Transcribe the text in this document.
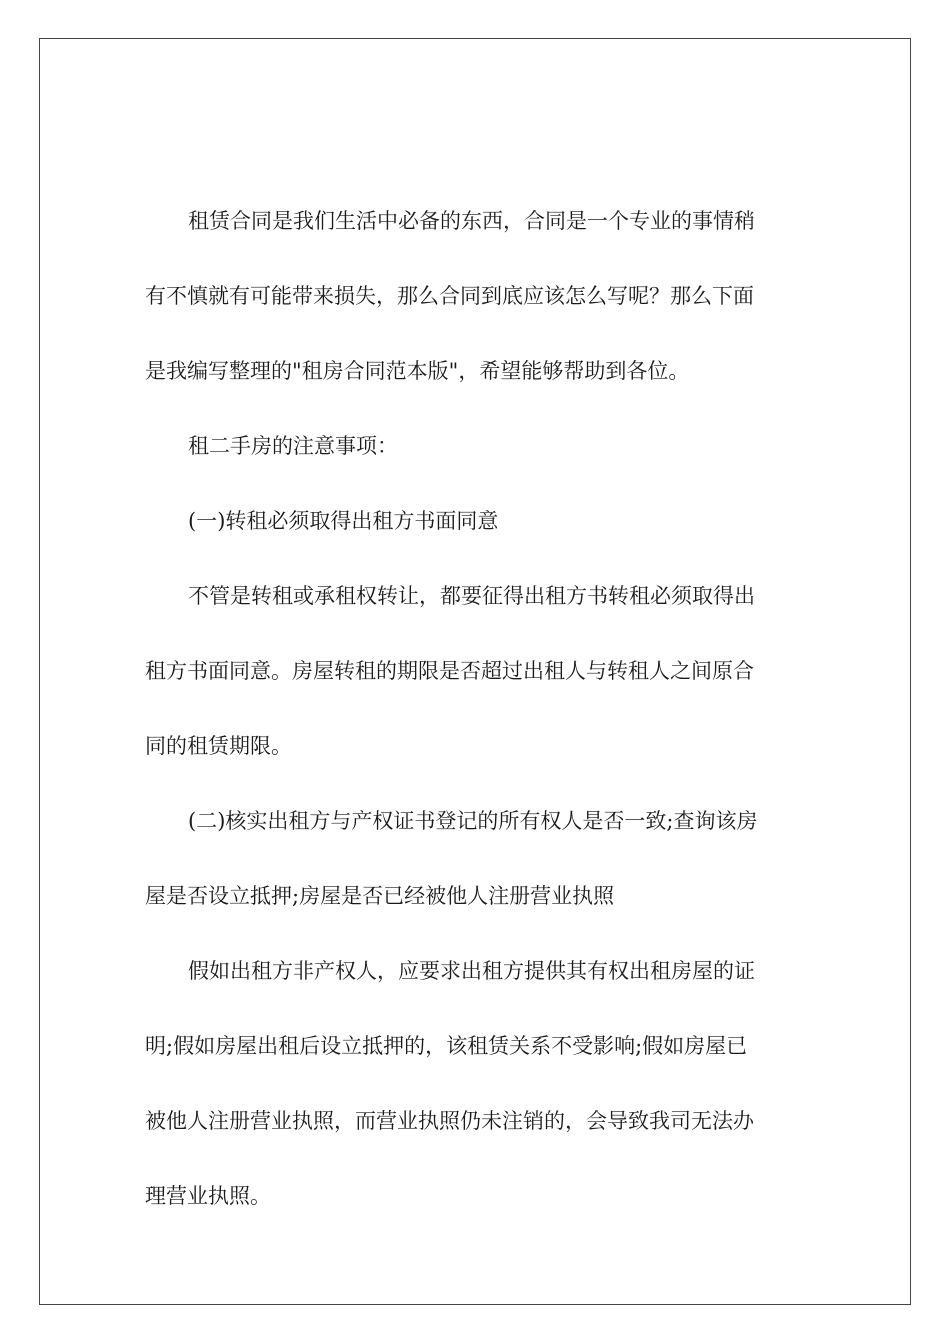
租赁合同是我们生活中必备的东西，合同是一个专业的事情稍
有不慎就有可能带来损失，那么合同到底应该怎么写呢？那么下面
是我编写整理的"租房合同范本版"，希望能够帮助到各位。
租二手房的注意事项：
(一)转租必须取得出租方书面同意
不管是转租或承租权转让，都要征得出租方书转租必须取得出
租方书面同意。房屋转租的期限是否超过出租人与转租人之间原合
同的租赁期限。
(二)核实出租方与产权证书登记的所有权人是否一致;查询该房
屋是否设立抵押;房屋是否已经被他人注册营业执照
假如出租方非产权人，应要求出租方提供其有权出租房屋的证
明;假如房屋出租后设立抵押的，该租赁关系不受影响;假如房屋已
被他人注册营业执照，而营业执照仍未注销的，会导致我司无法办
理营业执照。
